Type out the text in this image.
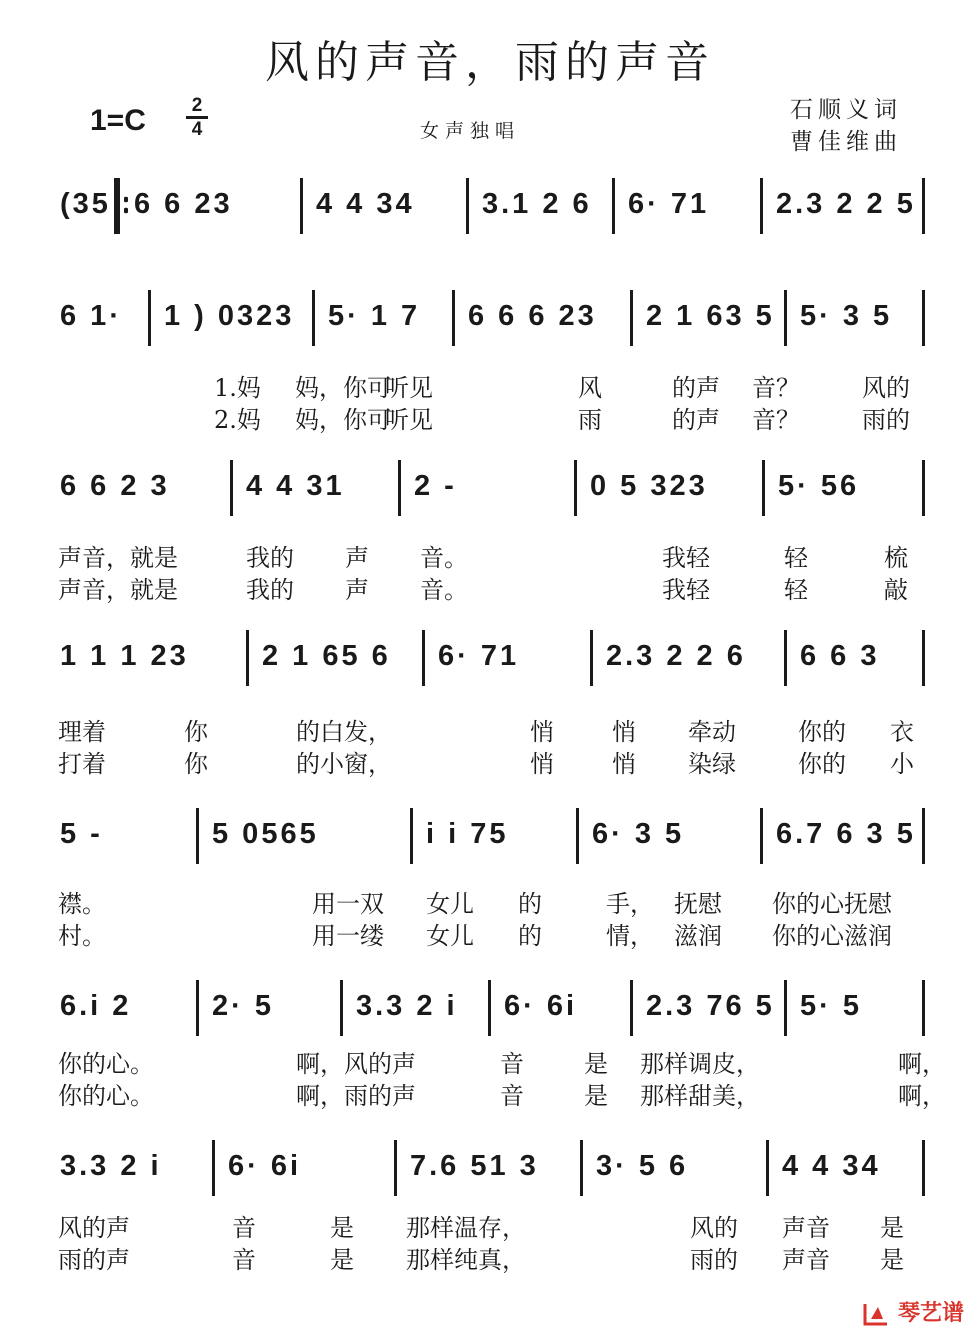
风的声音，雨的声音
1=C	2
4	女声独唱
石顺义词
曹佳维曲
(35 6 6 23	4 4 34 3.1 2 6 6· 71 2.3 2 2 5
6 1· 1 ) 0323 5· 1 7 6 6 6 23 2 1 63 5 5· 3 5
1.妈 妈，你可
听见	风	的声 音？	风的
2.妈 妈，你可
听见	雨	的声 音？	雨的
6 6 2 3	4 4 31 2 -	0 5 323 5· 56
声音，就是	我的 声 音。	我轻	轻	梳
声音，就是	我的 声 音。	我轻	轻	敲
1 1 1 23	2 1 65 6 6· 71	2.3 2 2 6 6 6 3
理着	你	的白发，	悄 悄 牵动	你的 衣
打着	你	的小窗，	悄 悄 染绿	你的 小
5 -	5 0565	i i 75	6· 3 5	6.7 6 3 5
襟。	用一双 女儿 的	手， 抚慰 你的心抚慰
村。	用一缕 女儿 的	情， 滋润 你的心滋润
6.i 2	2· 5	3.3 2 i 6· 6i 2.3 76 5 5· 5
你的心。	啊，风的声	音	是 那样调皮，	啊，
你的心。	啊，雨的声	音	是 那样甜美，	啊，
3.3 2 i 6· 6i	7.6 51 3 3· 5 6	4 4 34
风的声	音	是 那样温存，	风的 声音 是
雨的声	音	是 那样纯真，	雨的 声音 是
琴艺谱
